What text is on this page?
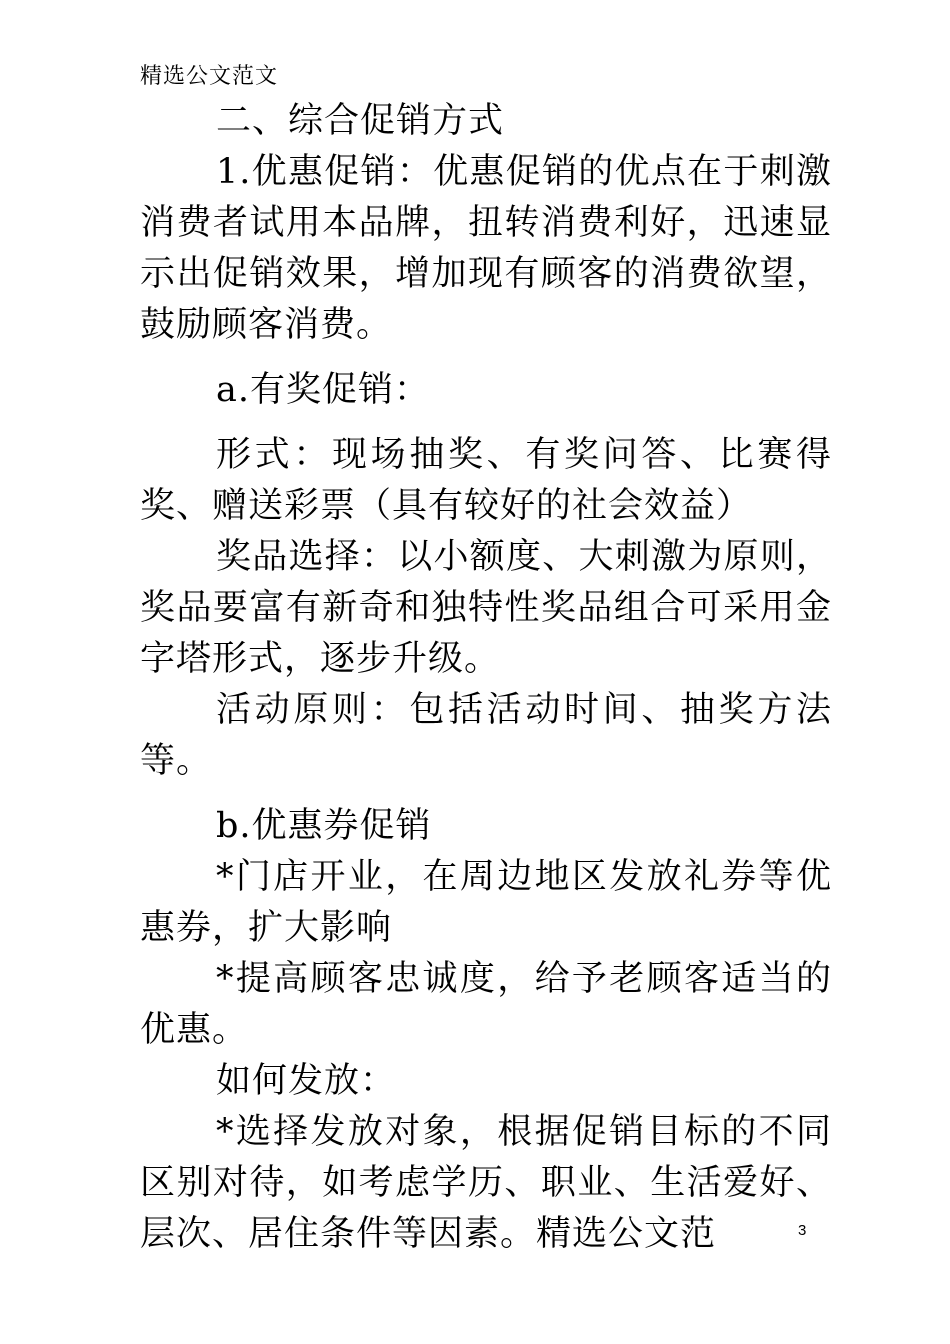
精选公文范文

二、综合促销方式

1.优惠促销：优惠促销的优点在于刺激消费者试用本品牌，扭转消费利好，迅速显示出促销效果，增加现有顾客的消费欲望，鼓励顾客消费。

a.有奖促销：

形式：现场抽奖、有奖问答、比赛得奖、赠送彩票（具有较好的社会效益）

奖品选择：以小额度、大刺激为原则，奖品要富有新奇和独特性奖品组合可采用金字塔形式，逐步升级。

活动原则：包括活动时间、抽奖方法等。

b.优惠券促销

*门店开业，在周边地区发放礼券等优惠券，扩大影响

*提高顾客忠诚度，给予老顾客适当的优惠。

如何发放：

*选择发放对象，根据促销目标的不同区别对待，如考虑学历、职业、生活爱好、层次、居住条件等因素。精选公文范	3
